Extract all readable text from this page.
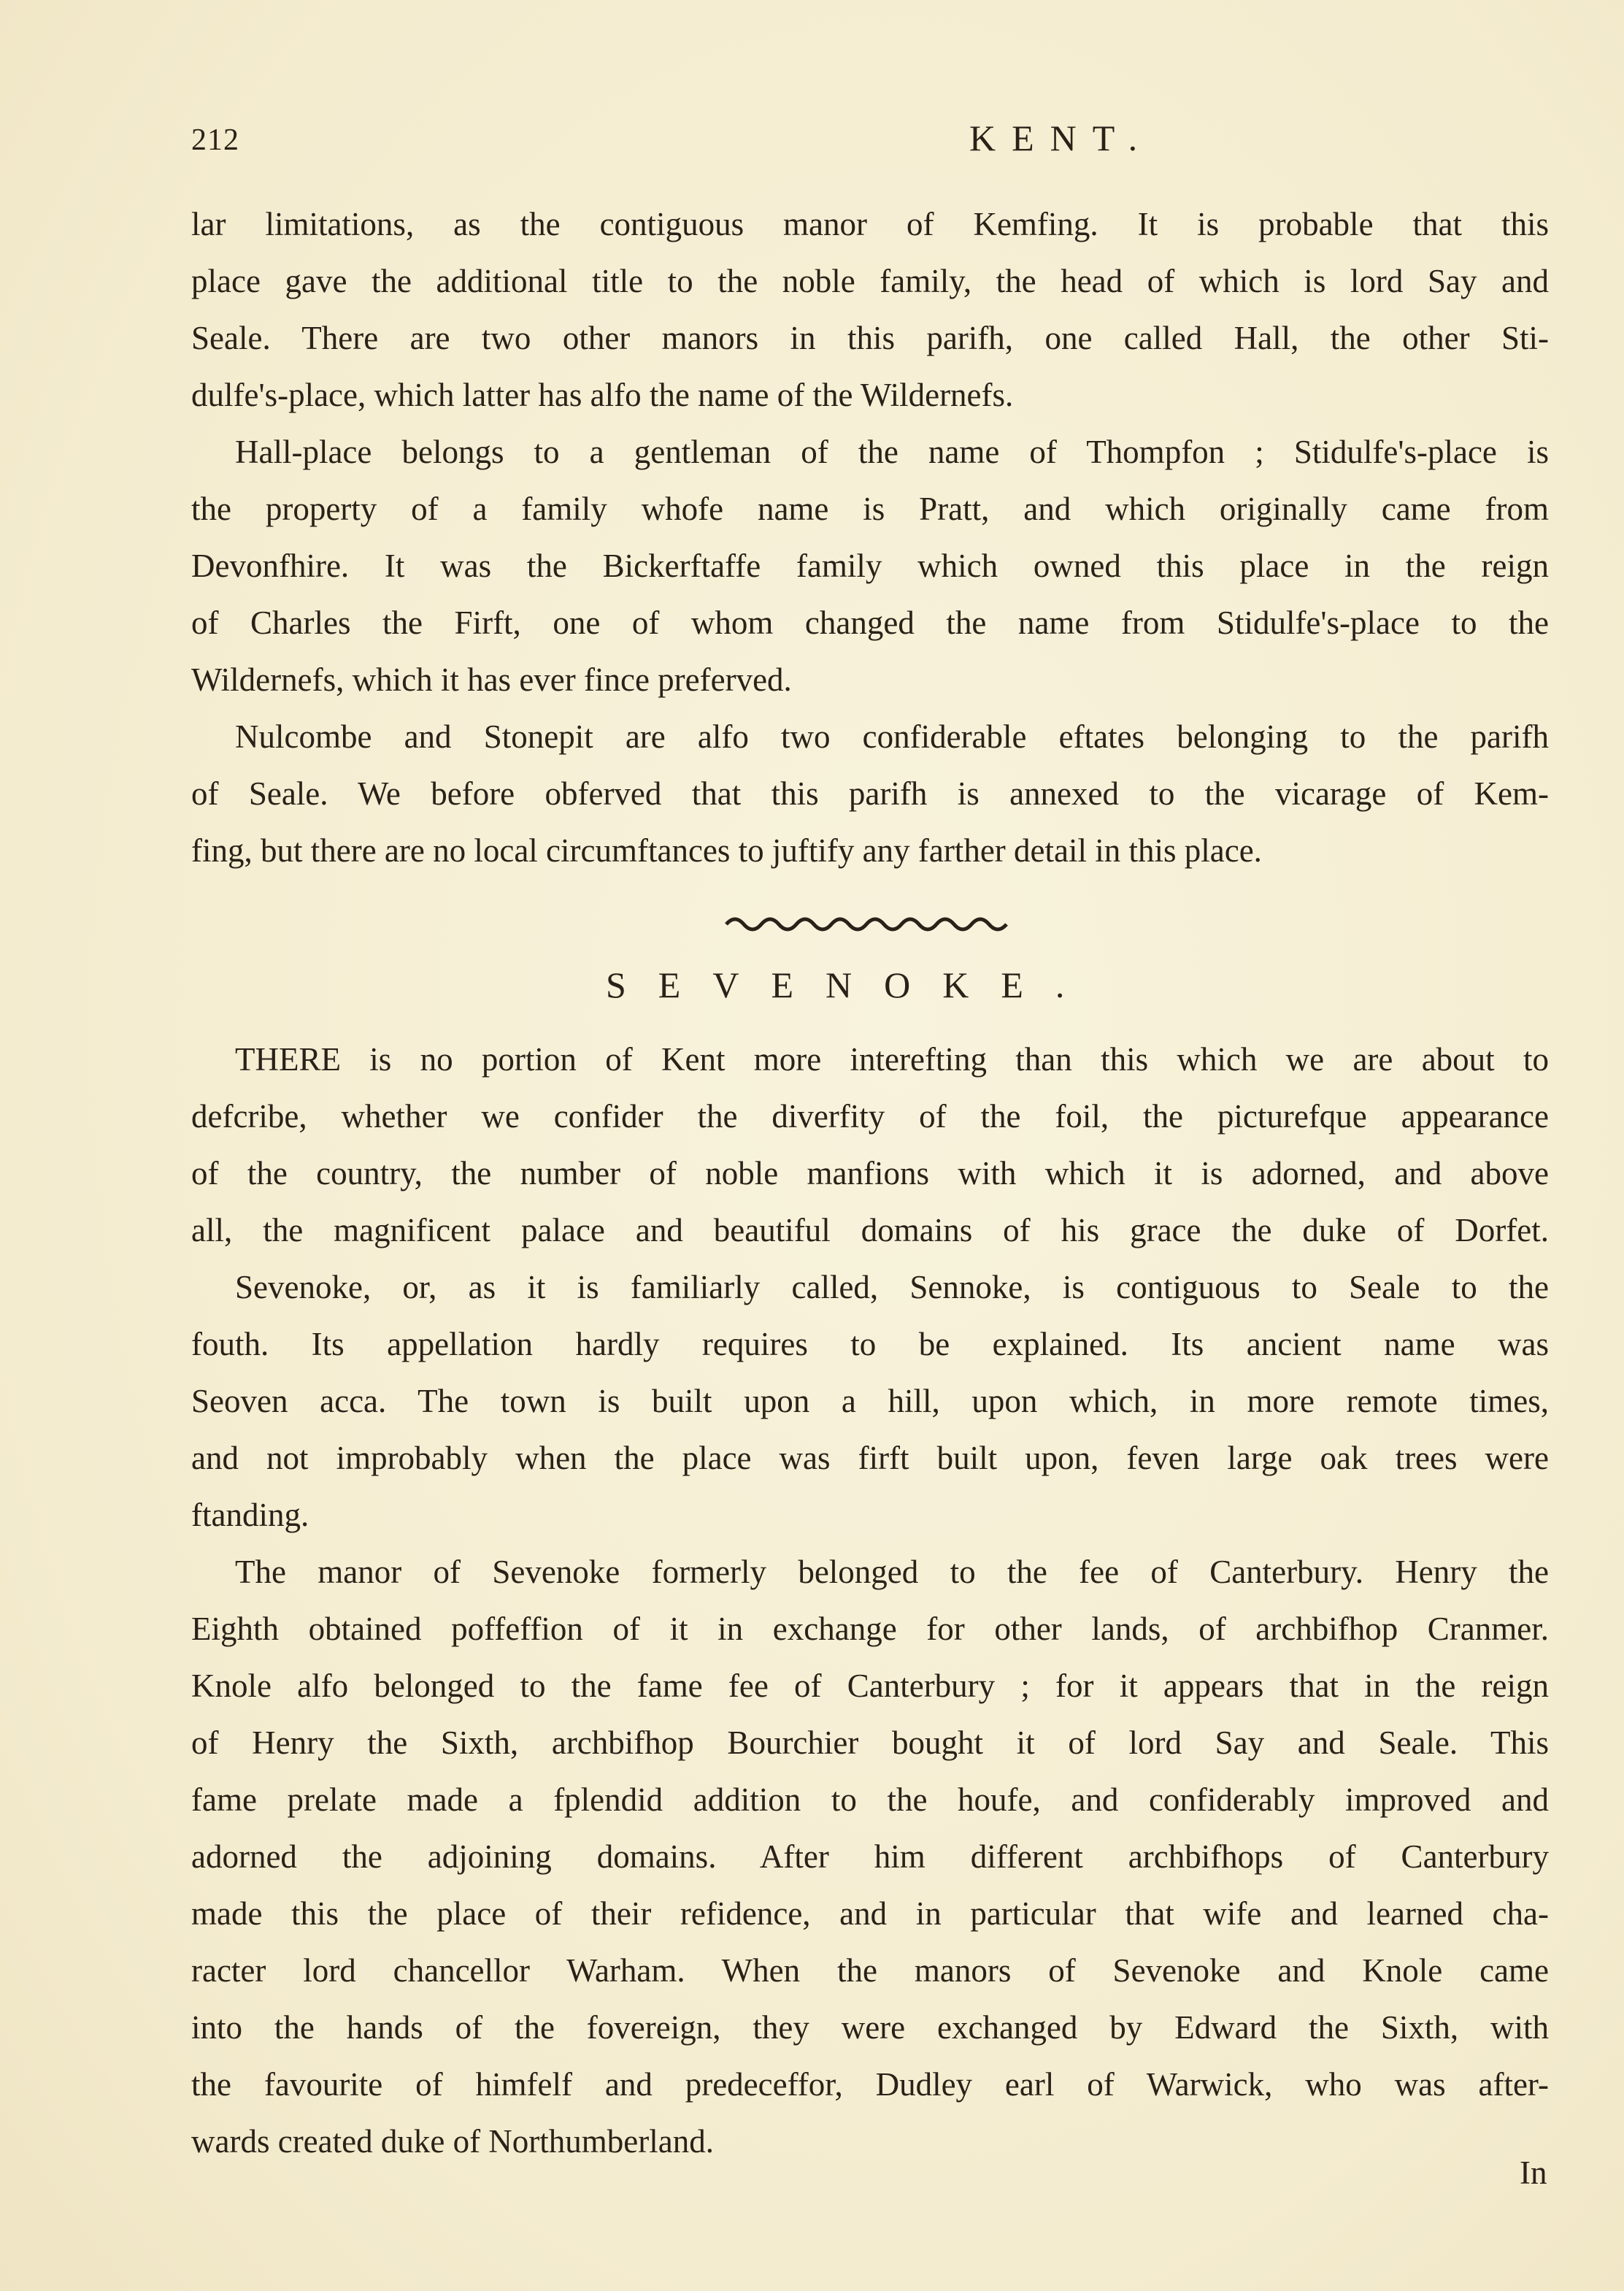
212	KENT.
lar limitations, as the contiguous manor of Kemfing. It is probable that this
place gave the additional title to the noble family, the head of which is lord Say and
Seale. There are two other manors in this parifh, one called Hall, the other Sti-
dulfe's-place, which latter has alfo the name of the Wildernefs.
Hall-place belongs to a gentleman of the name of Thompfon ; Stidulfe's-place is
the property of a family whofe name is Pratt, and which originally came from
Devonfhire. It was the Bickerftaffe family which owned this place in the reign
of Charles the Firft, one of whom changed the name from Stidulfe's-place to the
Wildernefs, which it has ever fince preferved.
Nulcombe and Stonepit are alfo two confiderable eftates belonging to the parifh
of Seale. We before obferved that this parifh is annexed to the vicarage of Kem-
fing, but there are no local circumftances to juftify any farther detail in this place.
SEVENOKE.
THERE is no portion of Kent more interefting than this which we are about to
defcribe, whether we confider the diverfity of the foil, the picturefque appearance
of the country, the number of noble manfions with which it is adorned, and above
all, the magnificent palace and beautiful domains of his grace the duke of Dorfet.
Sevenoke, or, as it is familiarly called, Sennoke, is contiguous to Seale to the
fouth. Its appellation hardly requires to be explained. Its ancient name was
Seoven acca. The town is built upon a hill, upon which, in more remote times,
and not improbably when the place was firft built upon, feven large oak trees were
ftanding.
The manor of Sevenoke formerly belonged to the fee of Canterbury. Henry the
Eighth obtained poffeffion of it in exchange for other lands, of archbifhop Cranmer.
Knole alfo belonged to the fame fee of Canterbury ; for it appears that in the reign
of Henry the Sixth, archbifhop Bourchier bought it of lord Say and Seale. This
fame prelate made a fplendid addition to the houfe, and confiderably improved and
adorned the adjoining domains. After him different archbifhops of Canterbury
made this the place of their refidence, and in particular that wife and learned cha-
racter lord chancellor Warham. When the manors of Sevenoke and Knole came
into the hands of the fovereign, they were exchanged by Edward the Sixth, with
the favourite of himfelf and predeceffor, Dudley earl of Warwick, who was after-
wards created duke of Northumberland.
In
